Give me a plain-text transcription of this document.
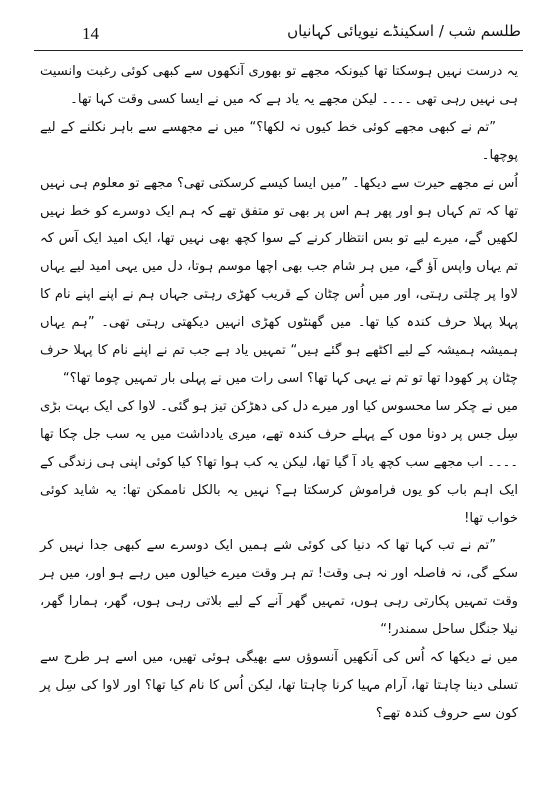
14	طلسم شب / اسکینڈے نیویائی کہانیاں

یہ درست نہیں ہوسکتا تھا کیونکہ مجھے تو بھوری آنکھوں سے کبھی کوئی رغبت وانسیت ہی نہیں رہی تھی ۔۔۔۔ لیکن مجھے یہ یاد ہے کہ میں نے ایسا کسی وقت کہا تھا۔

”تم نے کبھی مجھے کوئی خط کیوں نہ لکھا؟“ میں نے مجھسے سے باہر نکلنے کے لیے پوچھا۔

اُس نے مجھے حیرت سے دیکھا۔ ”میں ایسا کیسے کرسکتی تھی؟ مجھے تو معلوم ہی نہیں تھا کہ تم کہاں ہو اور پھر ہم اس پر بھی تو متفق تھے کہ ہم ایک دوسرے کو خط نہیں لکھیں گے، میرے لیے تو بس انتظار کرنے کے سوا کچھ بھی نہیں تھا، ایک امید ایک آس کہ تم یہاں واپس آؤ گے، میں ہر شام جب بھی اچھا موسم ہوتا، دل میں یہی امید لیے یہاں لاوا پر چلتی رہتی، اور میں اُس چٹان کے قریب کھڑی رہتی جہاں ہم نے اپنے اپنے نام کا پہلا پہلا حرف کندہ کیا تھا۔ میں گھنٹوں کھڑی انہیں دیکھتی رہتی تھی۔ ”ہم یہاں ہمیشہ ہمیشہ کے لیے اکٹھے ہو گئے ہیں“ تمہیں یاد ہے جب تم نے اپنے نام کا پہلا حرف چٹان پر کھودا تھا تو تم نے یہی کہا تھا؟ اسی رات میں نے پہلی بار تمہیں چوما تھا؟“

میں نے چکر سا محسوس کیا اور میرے دل کی دھڑکن تیز ہو گئی۔ لاوا کی ایک بہت بڑی سِل جس پر دونا موں کے پہلے حرف کندہ تھے، میری یادداشت میں یہ سب جل چکا تھا ۔۔۔۔ اب مجھے سب کچھ یاد آ گیا تھا، لیکن یہ کب ہوا تھا؟ کیا کوئی اپنی ہی زندگی کے ایک اہم باب کو یوں فراموش کرسکتا ہے؟ نہیں یہ بالکل ناممکن تھا: یہ شاید کوئی خواب تھا!

”تم نے تب کہا تھا کہ دنیا کی کوئی شے ہمیں ایک دوسرے سے کبھی جدا نہیں کر سکے گی، نہ فاصلہ اور نہ ہی وقت! تم ہر وقت میرے خیالوں میں رہے ہو اور، میں ہر وقت تمہیں پکارتی رہی ہوں، تمہیں گھر آنے کے لیے بلاتی رہی ہوں، گھر، ہمارا گھر، نیلا جنگل ساحل سمندر!“

میں نے دیکھا کہ اُس کی آنکھیں آنسوؤں سے بھیگی ہوئی تھیں، میں اسے ہر طرح سے تسلی دینا چاہتا تھا، آرام مہیا کرنا چاہتا تھا، لیکن اُس کا نام کیا تھا؟ اور لاوا کی سِل پر کون سے حروف کندہ تھے؟
